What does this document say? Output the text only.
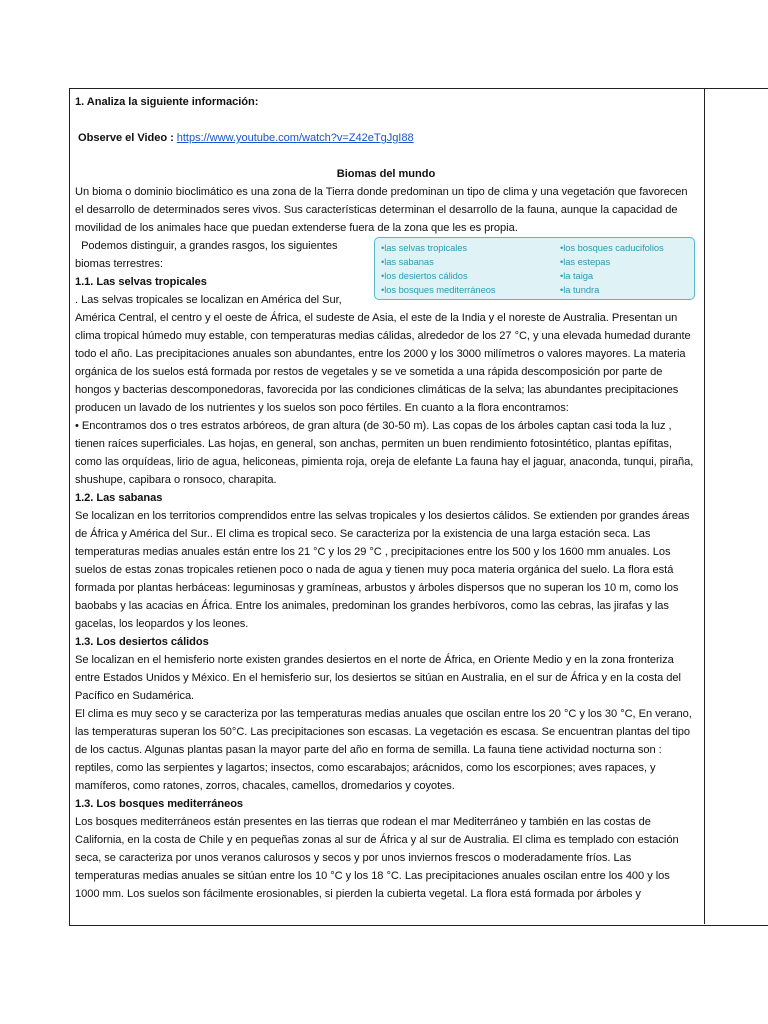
1. Analiza la siguiente información:

Observe el Video : https://www.youtube.com/watch?v=Z42eTgJgI88

Biomas del mundo

Un bioma o dominio bioclimático es una zona de la Tierra donde predominan un tipo de clima y una vegetación que favorecen el desarrollo de determinados seres vivos. Sus características determinan el desarrollo de la fauna, aunque la capacidad de movilidad de los animales hace que puedan extenderse fuera de la zona que les es propia.

• las selvas tropicales
• las sabanas
• los desiertos cálidos
• los bosques mediterráneos
• los bosques caducifolios
• las estepas
• la taiga
• la tundra

Podemos distinguir, a grandes rasgos, los siguientes biomas terrestres:

1.1. Las selvas tropicales

. Las selvas tropicales se localizan en América del Sur, América Central, el centro y el oeste de África, el sudeste de Asia, el este de la India y el noreste de Australia. Presentan un clima tropical húmedo muy estable, con temperaturas medias cálidas, alrededor de los 27 °C, y una elevada humedad durante todo el año. Las precipitaciones anuales son abundantes, entre los 2000 y los 3000 milímetros o valores mayores. La materia orgánica de los suelos está formada por restos de vegetales y se ve sometida a una rápida descomposición por parte de hongos y bacterias descomponedoras, favorecida por las condiciones climáticas de la selva; las abundantes precipitaciones producen un lavado de los nutrientes y los suelos son poco fértiles. En cuanto a la flora encontramos:

• Encontramos dos o tres estratos arbóreos, de gran altura (de 30-50 m). Las copas de los árboles captan casi toda la luz , tienen raíces superficiales. Las hojas, en general, son anchas, permiten un buen rendimiento fotosintético, plantas epífitas, como las orquídeas, lirio de agua, heliconeas, pimienta roja, oreja de elefante La fauna hay el jaguar, anaconda, tunqui, piraña, shushupe, capibara o ronsoco, charapita.

1.2. Las sabanas

Se localizan en los territorios comprendidos entre las selvas tropicales y los desiertos cálidos. Se extienden por grandes áreas de África y América del Sur.. El clima es tropical seco. Se caracteriza por la existencia de una larga estación seca. Las temperaturas medias anuales están entre los 21 °C y los 29 °C , precipitaciones entre los 500 y los 1600 mm anuales. Los suelos de estas zonas tropicales retienen poco o nada de agua y tienen muy poca materia orgánica del suelo. La flora está formada por plantas herbáceas: leguminosas y gramíneas, arbustos y árboles dispersos que no superan los 10 m, como los baobabs y las acacias en África. Entre los animales, predominan los grandes herbívoros, como las cebras, las jirafas y las gacelas, los leopardos y los leones.

1.3. Los desiertos cálidos

Se localizan en el hemisferio norte existen grandes desiertos en el norte de África, en Oriente Medio y en la zona fronteriza entre Estados Unidos y México. En el hemisferio sur, los desiertos se sitúan en Australia, en el sur de África y en la costa del Pacífico en Sudamérica.

El clima es muy seco y se caracteriza por las temperaturas medias anuales que oscilan entre los 20 °C y los 30 °C, En verano, las temperaturas superan los 50°C. Las precipitaciones son escasas. La vegetación es escasa. Se encuentran plantas del tipo de los cactus. Algunas plantas pasan la mayor parte del año en forma de semilla. La fauna tiene actividad nocturna son : reptiles, como las serpientes y lagartos; insectos, como escarabajos; arácnidos, como los escorpiones; aves rapaces, y mamíferos, como ratones, zorros, chacales, camellos, dromedarios y coyotes.

1.3. Los bosques mediterráneos

Los bosques mediterráneos están presentes en las tierras que rodean el mar Mediterráneo y también en las costas de California, en la costa de Chile y en pequeñas zonas al sur de África y al sur de Australia. El clima es templado con estación seca, se caracteriza por unos veranos calurosos y secos y por unos inviernos frescos o moderadamente fríos. Las temperaturas medias anuales se sitúan entre los 10 °C y los 18 °C. Las precipitaciones anuales oscilan entre los 400 y los 1000 mm. Los suelos son fácilmente erosionables, si pierden la cubierta vegetal. La flora está formada por árboles y
